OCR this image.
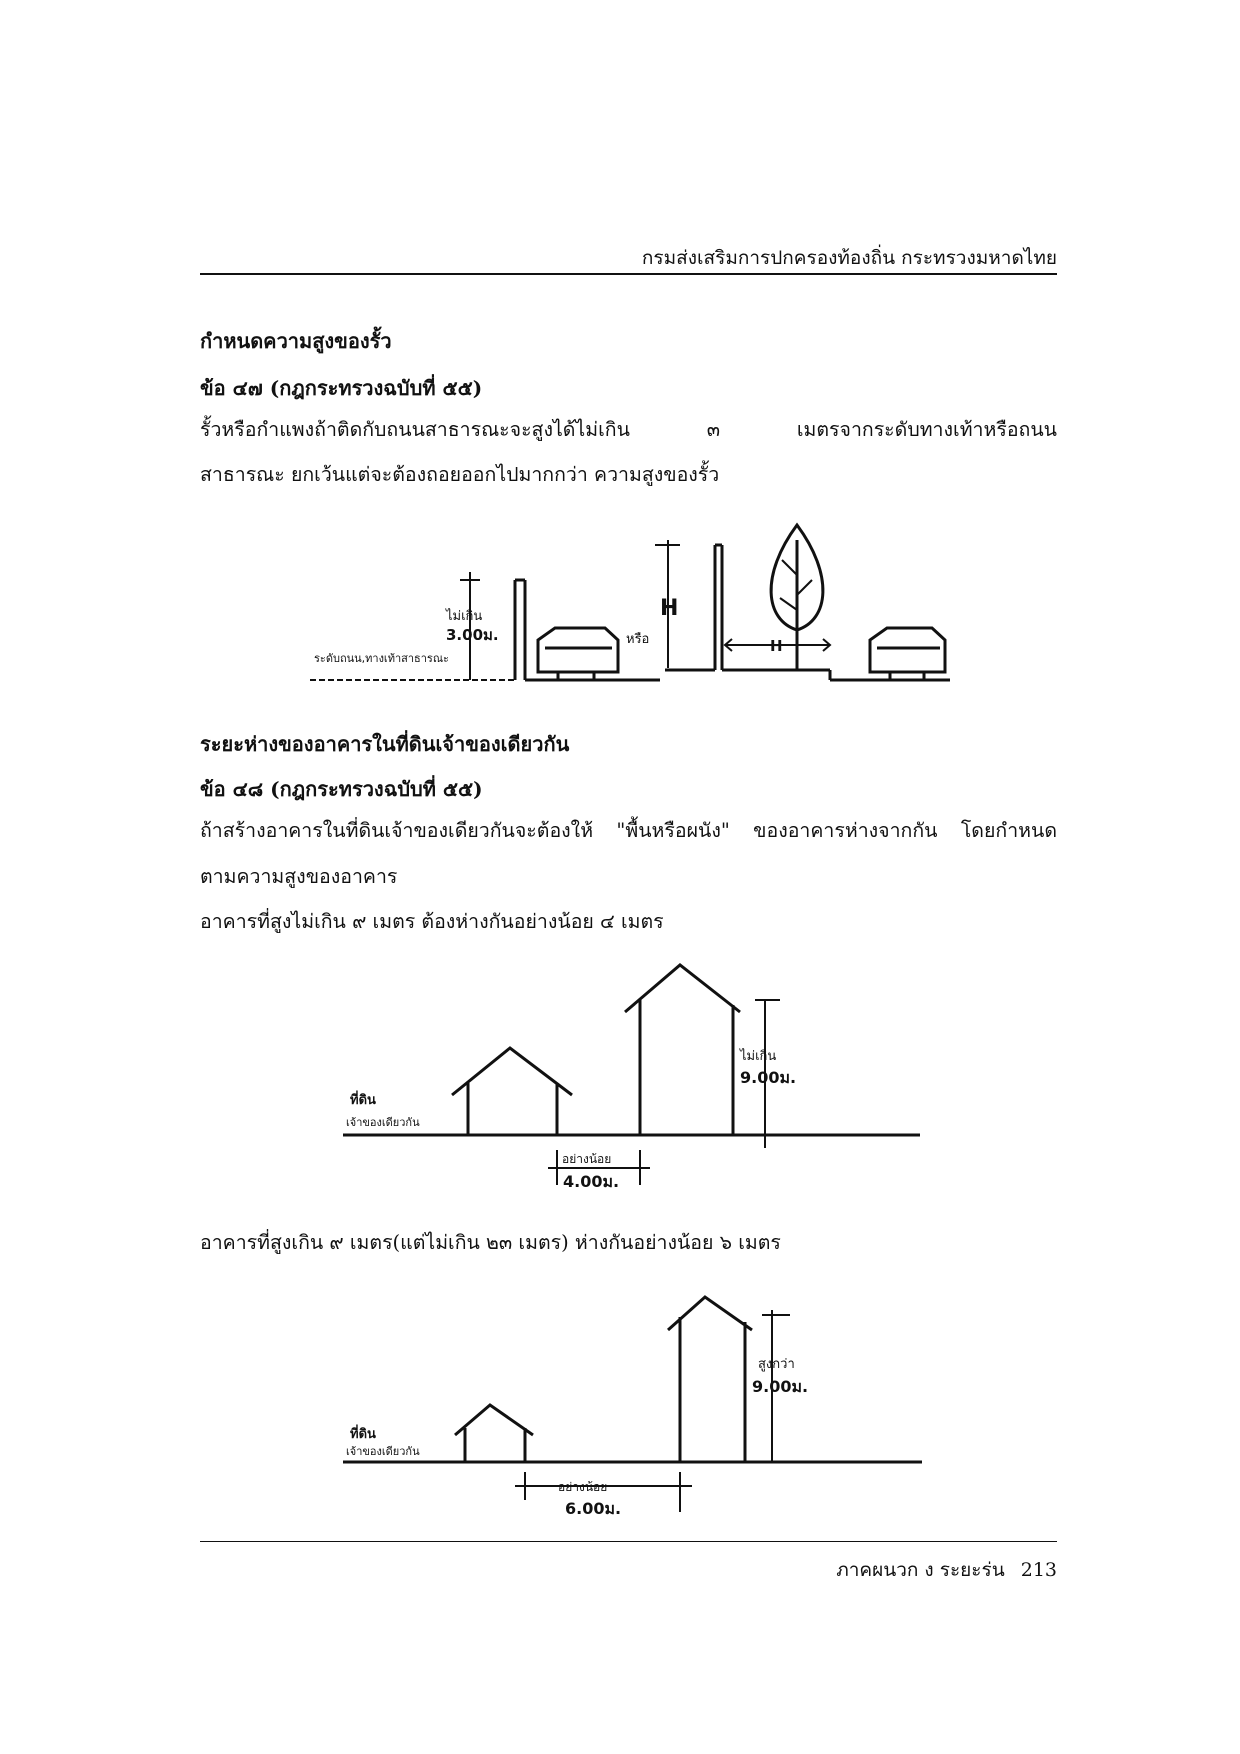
กรมส่งเสริมการปกครองท้องถิ่น กระทรวงมหาดไทย
กำหนดความสูงของรั้ว
ข้อ ๔๗ (กฎกระทรวงฉบับที่ ๕๕)
รั้วหรือกำแพงถ้าติดกับถนนสาธารณะจะสูงได้ไม่เกิน ๓ เมตรจากระดับทางเท้าหรือถนน
สาธารณะ ยกเว้นแต่จะต้องถอยออกไปมากกว่า ความสูงของรั้ว
ไม่เกิน
3.00ม.
ระดับถนน,ทางเท้าสาธารณะ
หรือ
H
H
ระยะห่างของอาคารในที่ดินเจ้าของเดียวกัน
ข้อ ๔๘ (กฎกระทรวงฉบับที่ ๕๕)
ถ้าสร้างอาคารในที่ดินเจ้าของเดียวกันจะต้องให้ "พื้นหรือผนัง" ของอาคารห่างจากกัน โดยกำหนด
ตามความสูงของอาคาร
อาคารที่สูงไม่เกิน ๙ เมตร ต้องห่างกันอย่างน้อย ๔ เมตร
ที่ดิน
เจ้าของเดียวกัน
ไม่เกิน
9.00ม.
อย่างน้อย
4.00ม.
อาคารที่สูงเกิน ๙ เมตร(แต่ไม่เกิน ๒๓ เมตร) ห่างกันอย่างน้อย ๖ เมตร
ที่ดิน
เจ้าของเดียวกัน
สูงกว่า
9.00ม.
อย่างน้อย
6.00ม.
ภาคผนวก ง ระยะร่น 213
